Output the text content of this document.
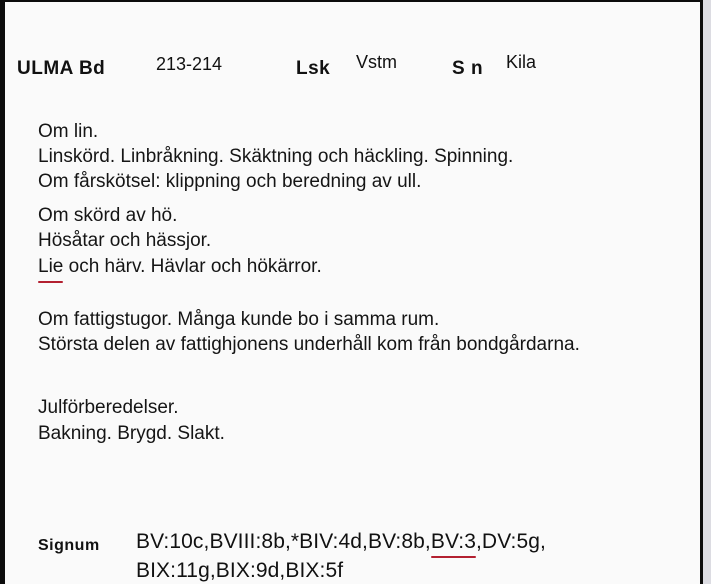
ULMA Bd	213-214	Lsk Vstm	S n Kila
Om lin.
Linskörd. Linbråkning. Skäktning och häckling. Spinning.
Om fårskötsel: klippning och beredning av ull.
Om skörd av hö.
Hösåtar och hässjor.
Lie och härv. Hävlar och hökärror.
Om fattigstugor. Många kunde bo i samma rum.
Största delen av fattighjonens underhåll kom från bondgårdarna.
Julförberedelser.
Bakning. Brygd. Slakt.
Signum BV:10c,BVIII:8b,*BIV:4d,BV:8b,BV:3,DV:5g,
BIX:11g,BIX:9d,BIX:5f
